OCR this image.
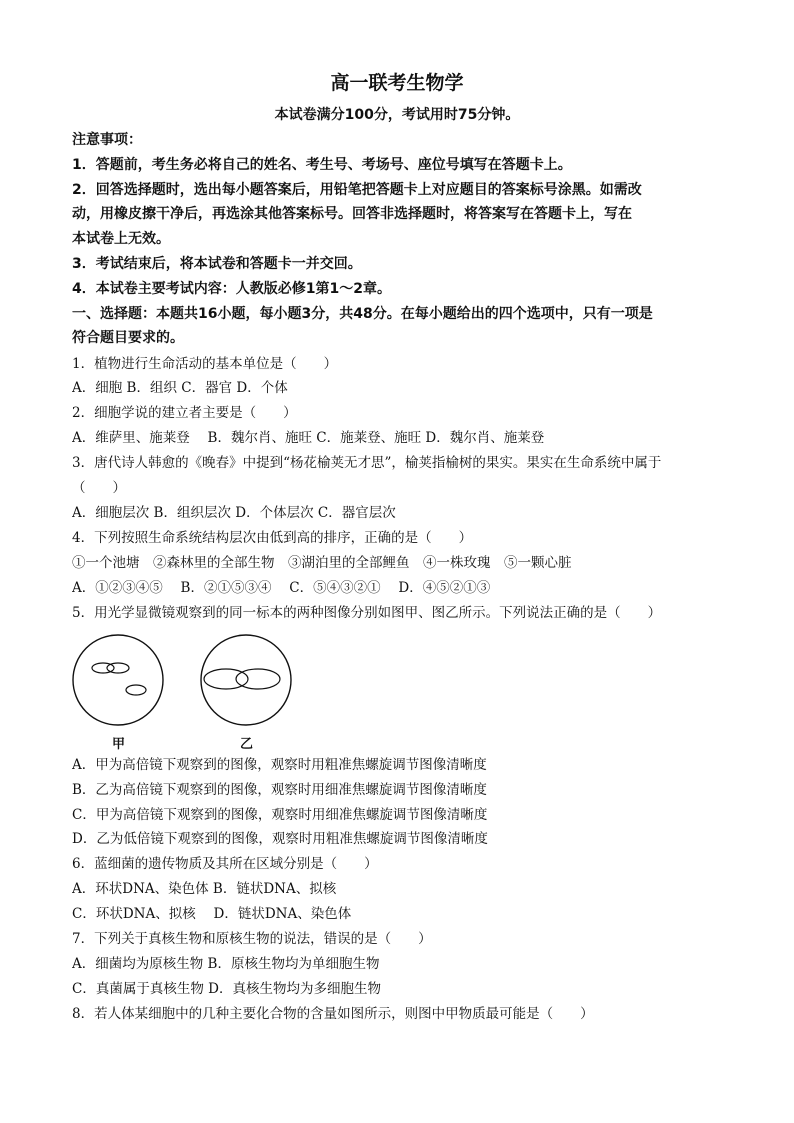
高一联考生物学
本试卷满分100分，考试用时75分钟。
注意事项：
1．答题前，考生务必将自己的姓名、考生号、考场号、座位号填写在答题卡上。
2．回答选择题时，选出每小题答案后，用铅笔把答题卡上对应题目的答案标号涂黑。如需改
动，用橡皮擦干净后，再选涂其他答案标号。回答非选择题时，将答案写在答题卡上，写在
本试卷上无效。
3．考试结束后，将本试卷和答题卡一并交回。
4．本试卷主要考试内容：人教版必修1第1～2章。
一、选择题：本题共16小题，每小题3分，共48分。在每小题给出的四个选项中，只有一项是
符合题目要求的。
1．植物进行生命活动的基本单位是（　　）
A．细胞 B．组织 C．器官 D．个体
2．细胞学说的建立者主要是（　　）
A．维萨里、施莱登　 B．魏尔肖、施旺 C．施莱登、施旺 D．魏尔肖、施莱登
3．唐代诗人韩愈的《晚春》中提到“杨花榆荚无才思”，榆荚指榆树的果实。果实在生命系统中属于
（　　）
A．细胞层次 B．组织层次 D．个体层次 C．器官层次
4．下列按照生命系统结构层次由低到高的排序，正确的是（　　）
①一个池塘　②森林里的全部生物　③湖泊里的全部鲤鱼　④一株玫瑰　⑤一颗心脏
A．①②③④⑤　 B．②①⑤③④　 C．⑤④③②①　 D．④⑤②①③
5．用光学显微镜观察到的同一标本的两种图像分别如图甲、图乙所示。下列说法正确的是（　　）
甲	乙
A．甲为高倍镜下观察到的图像，观察时用粗准焦螺旋调节图像清晰度
B．乙为高倍镜下观察到的图像，观察时用细准焦螺旋调节图像清晰度
C．甲为高倍镜下观察到的图像，观察时用细准焦螺旋调节图像清晰度
D．乙为低倍镜下观察到的图像，观察时用粗准焦螺旋调节图像清晰度
6．蓝细菌的遗传物质及其所在区域分别是（　　）
A．环状DNA、染色体 B．链状DNA、拟核
C．环状DNA、拟核　 D．链状DNA、染色体
7．下列关于真核生物和原核生物的说法，错误的是（　　）
A．细菌均为原核生物 B．原核生物均为单细胞生物
C．真菌属于真核生物 D．真核生物均为多细胞生物
8．若人体某细胞中的几种主要化合物的含量如图所示，则图中甲物质最可能是（　　）
